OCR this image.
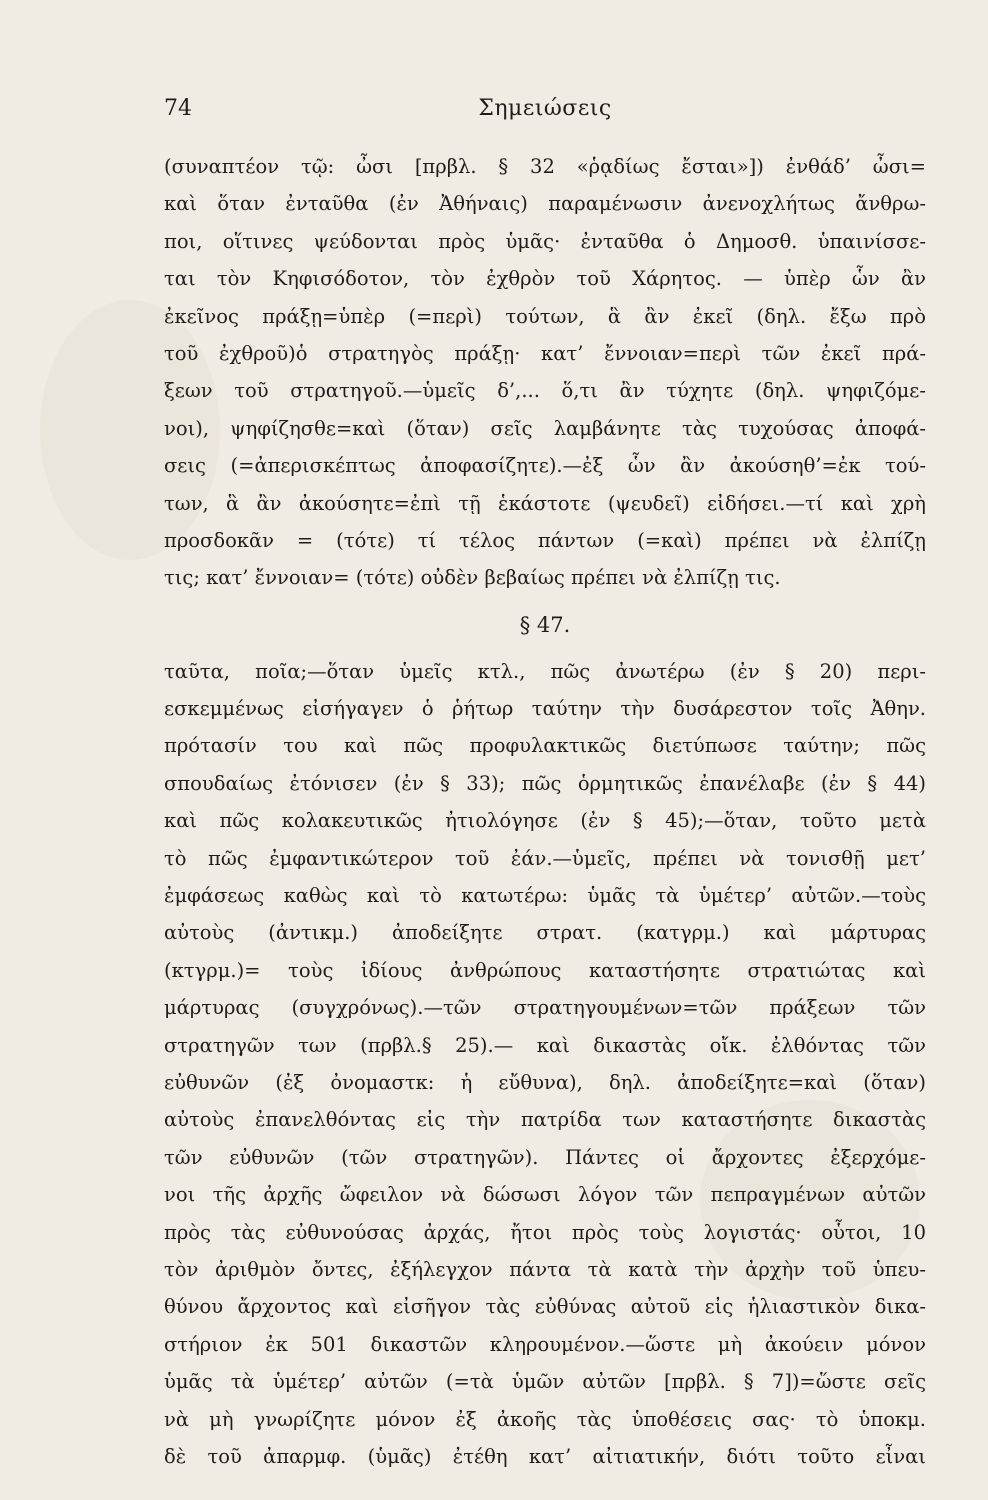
74	Σημειώσεις
(συναπτέον τῷ: ὦσι [πρβλ. § 32 «ῥᾳδίως ἔσται»]) ἐνθάδ’ ὦσι=
καὶ ὅταν ἐνταῦθα (ἐν Ἀθήναις) παραμένωσιν ἀνενοχλήτως ἄνθρω-
ποι, οἵτινες ψεύδονται πρὸς ὑμᾶς· ἐνταῦθα ὁ Δημοσθ. ὑπαινίσσε-
ται τὸν Κηφισόδοτον, τὸν ἐχθρὸν τοῦ Χάρητος. — ὑπὲρ ὧν ἂν
ἐκεῖνος πράξῃ=ὑπὲρ (=περὶ) τούτων, ἃ ἂν ἐκεῖ (δηλ. ἔξω πρὸ
τοῦ ἐχθροῦ)ὁ στρατηγὸς πράξῃ· κατ’ ἔννοιαν=περὶ τῶν ἐκεῖ πρά-
ξεων τοῦ στρατηγοῦ.—ὑμεῖς δ’,... ὅ,τι ἂν τύχητε (δηλ. ψηφιζόμε-
νοι), ψηφίζησθε=καὶ (ὅταν) σεῖς λαμβάνητε τὰς τυχούσας ἀποφά-
σεις (=ἀπερισκέπτως ἀποφασίζητε).—ἐξ ὧν ἂν ἀκούσηθ’=ἐκ τού-
των, ἃ ἂν ἀκούσητε=ἐπὶ τῇ ἑκάστοτε (ψευδεῖ) εἰδήσει.—τί καὶ χρὴ
προσδοκᾶν = (τότε) τί τέλος πάντων (=καὶ) πρέπει νὰ ἐλπίζῃ
τις; κατ’ ἔννοιαν= (τότε) οὐδὲν βεβαίως πρέπει νὰ ἐλπίζῃ τις.
§ 47.
ταῦτα, ποῖα;—ὅταν ὑμεῖς κτλ., πῶς ἀνωτέρω (ἐν § 20) περι-
εσκεμμένως εἰσήγαγεν ὁ ῥήτωρ ταύτην τὴν δυσάρεστον τοῖς Ἀθην.
πρότασίν του καὶ πῶς προφυλακτικῶς διετύπωσε ταύτην; πῶς
σπουδαίως ἐτόνισεν (ἐν § 33); πῶς ὁρμητικῶς ἐπανέλαβε (ἐν § 44)
καὶ πῶς κολακευτικῶς ἠτιολόγησε (ἐν § 45);—ὅταν, τοῦτο μετὰ
τὸ πῶς ἐμφαντικώτερον τοῦ ἐάν.—ὑμεῖς, πρέπει νὰ τονισθῇ μετ’
ἐμφάσεως καθὼς καὶ τὸ κατωτέρω: ὑμᾶς τὰ ὑμέτερ’ αὐτῶν.—τοὺς
αὐτοὺς (ἀντικμ.) ἀποδείξητε στρατ. (κατγρμ.) καὶ μάρτυρας
(κτγρμ.)= τοὺς ἰδίους ἀνθρώπους καταστήσητε στρατιώτας καὶ
μάρτυρας (συγχρόνως).—τῶν στρατηγουμένων=τῶν πράξεων τῶν
στρατηγῶν των (πρβλ.§ 25).— καὶ δικαστὰς οἴκ. ἐλθόντας τῶν
εὐθυνῶν (ἐξ ὀνομαστκ: ἡ εὔθυνα), δηλ. ἀποδείξητε=καὶ (ὅταν)
αὐτοὺς ἐπανελθόντας εἰς τὴν πατρίδα των καταστήσητε δικαστὰς
τῶν εὐθυνῶν (τῶν στρατηγῶν). Πάντες οἱ ἄρχοντες ἐξερχόμε-
νοι τῆς ἀρχῆς ὤφειλον νὰ δώσωσι λόγον τῶν πεπραγμένων αὐτῶν
πρὸς τὰς εὐθυνούσας ἀρχάς, ἤτοι πρὸς τοὺς λογιστάς· οὗτοι, 10
τὸν ἀριθμὸν ὄντες, ἐξήλεγχον πάντα τὰ κατὰ τὴν ἀρχὴν τοῦ ὑπευ-
θύνου ἄρχοντος καὶ εἰσῆγον τὰς εὐθύνας αὐτοῦ εἰς ἡλιαστικὸν δικα-
στήριον ἐκ 501 δικαστῶν κληρουμένον.—ὥστε μὴ ἀκούειν μόνον
ὑμᾶς τὰ ὑμέτερ’ αὐτῶν (=τὰ ὑμῶν αὐτῶν [πρβλ. § 7])=ὥστε σεῖς
νὰ μὴ γνωρίζητε μόνον ἐξ ἀκοῆς τὰς ὑποθέσεις σας· τὸ ὑποκμ.
δὲ τοῦ ἀπαρμφ. (ὑμᾶς) ἐτέθη κατ’ αἰτιατικήν, διότι τοῦτο εἶναι
